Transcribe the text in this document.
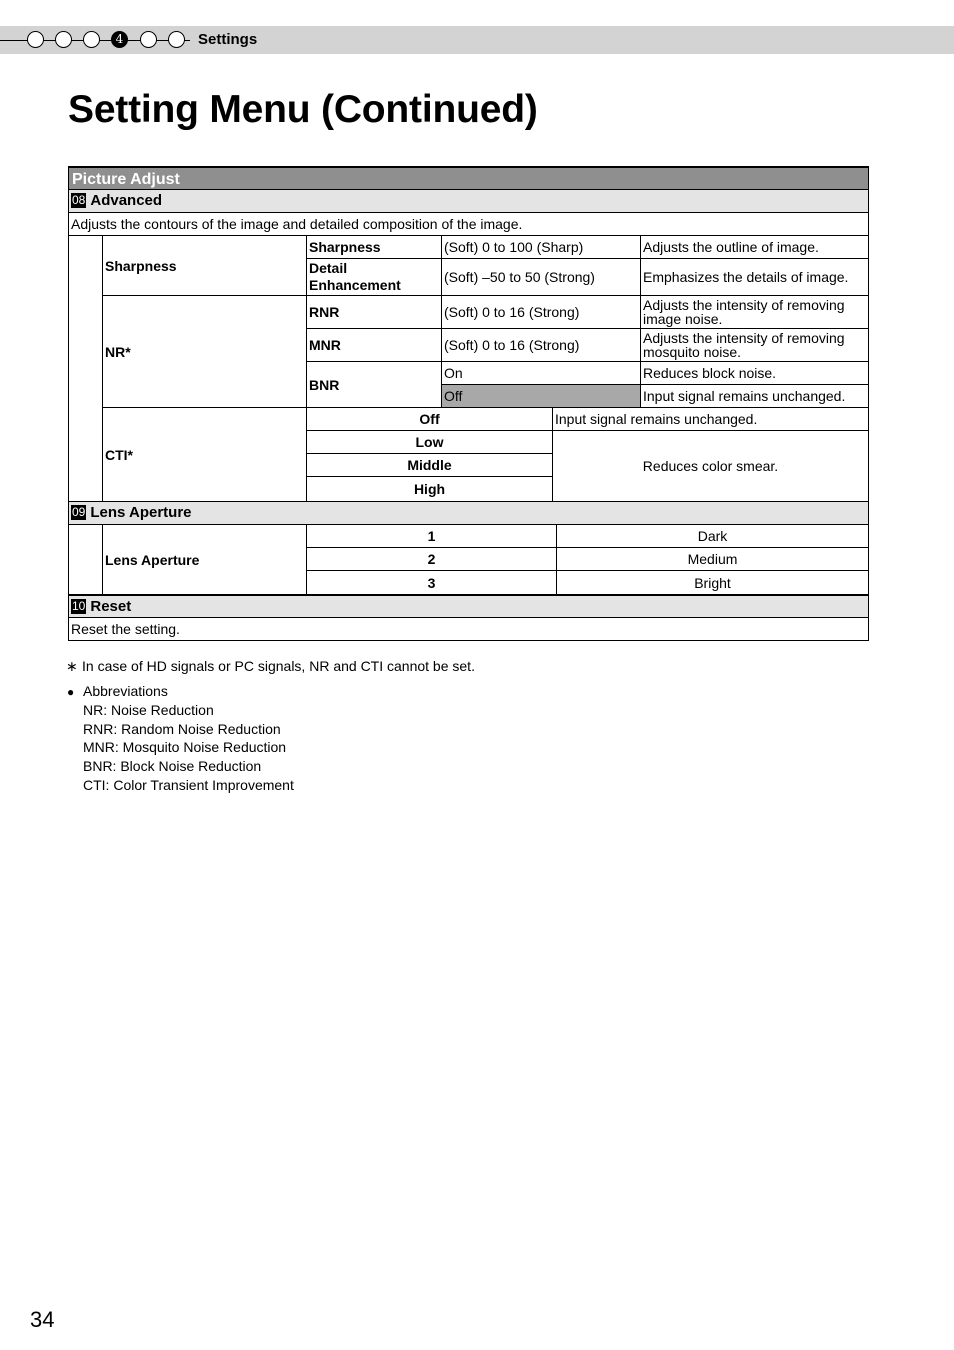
4	Settings
Setting Menu (Continued)
Picture Adjust
08 Advanced
Adjusts the contours of the image and detailed composition of the image.
Sharpness
Sharpness	(Soft) 0 to 100 (Sharp)	Adjusts the outline of image.
Detail
Enhancement	(Soft) –50 to 50 (Strong)	Emphasizes the details of image.
NR*
RNR	(Soft) 0 to 16 (Strong)	Adjusts the intensity of removing
image noise.
MNR	(Soft) 0 to 16 (Strong)	Adjusts the intensity of removing
mosquito noise.
BNR
On	Reduces block noise.
Off	Input signal remains unchanged.
CTI*
Off	Input signal remains unchanged.
Low
Middle
High
Reduces color smear.
09 Lens Aperture
Lens Aperture
1	Dark
2	Medium
3	Bright
10 Reset
Reset the setting.
∗ In case of HD signals or PC signals, NR and CTI cannot be set.
● Abbreviations
NR: Noise Reduction
RNR: Random Noise Reduction
MNR: Mosquito Noise Reduction
BNR: Block Noise Reduction
CTI: Color Transient Improvement
34
